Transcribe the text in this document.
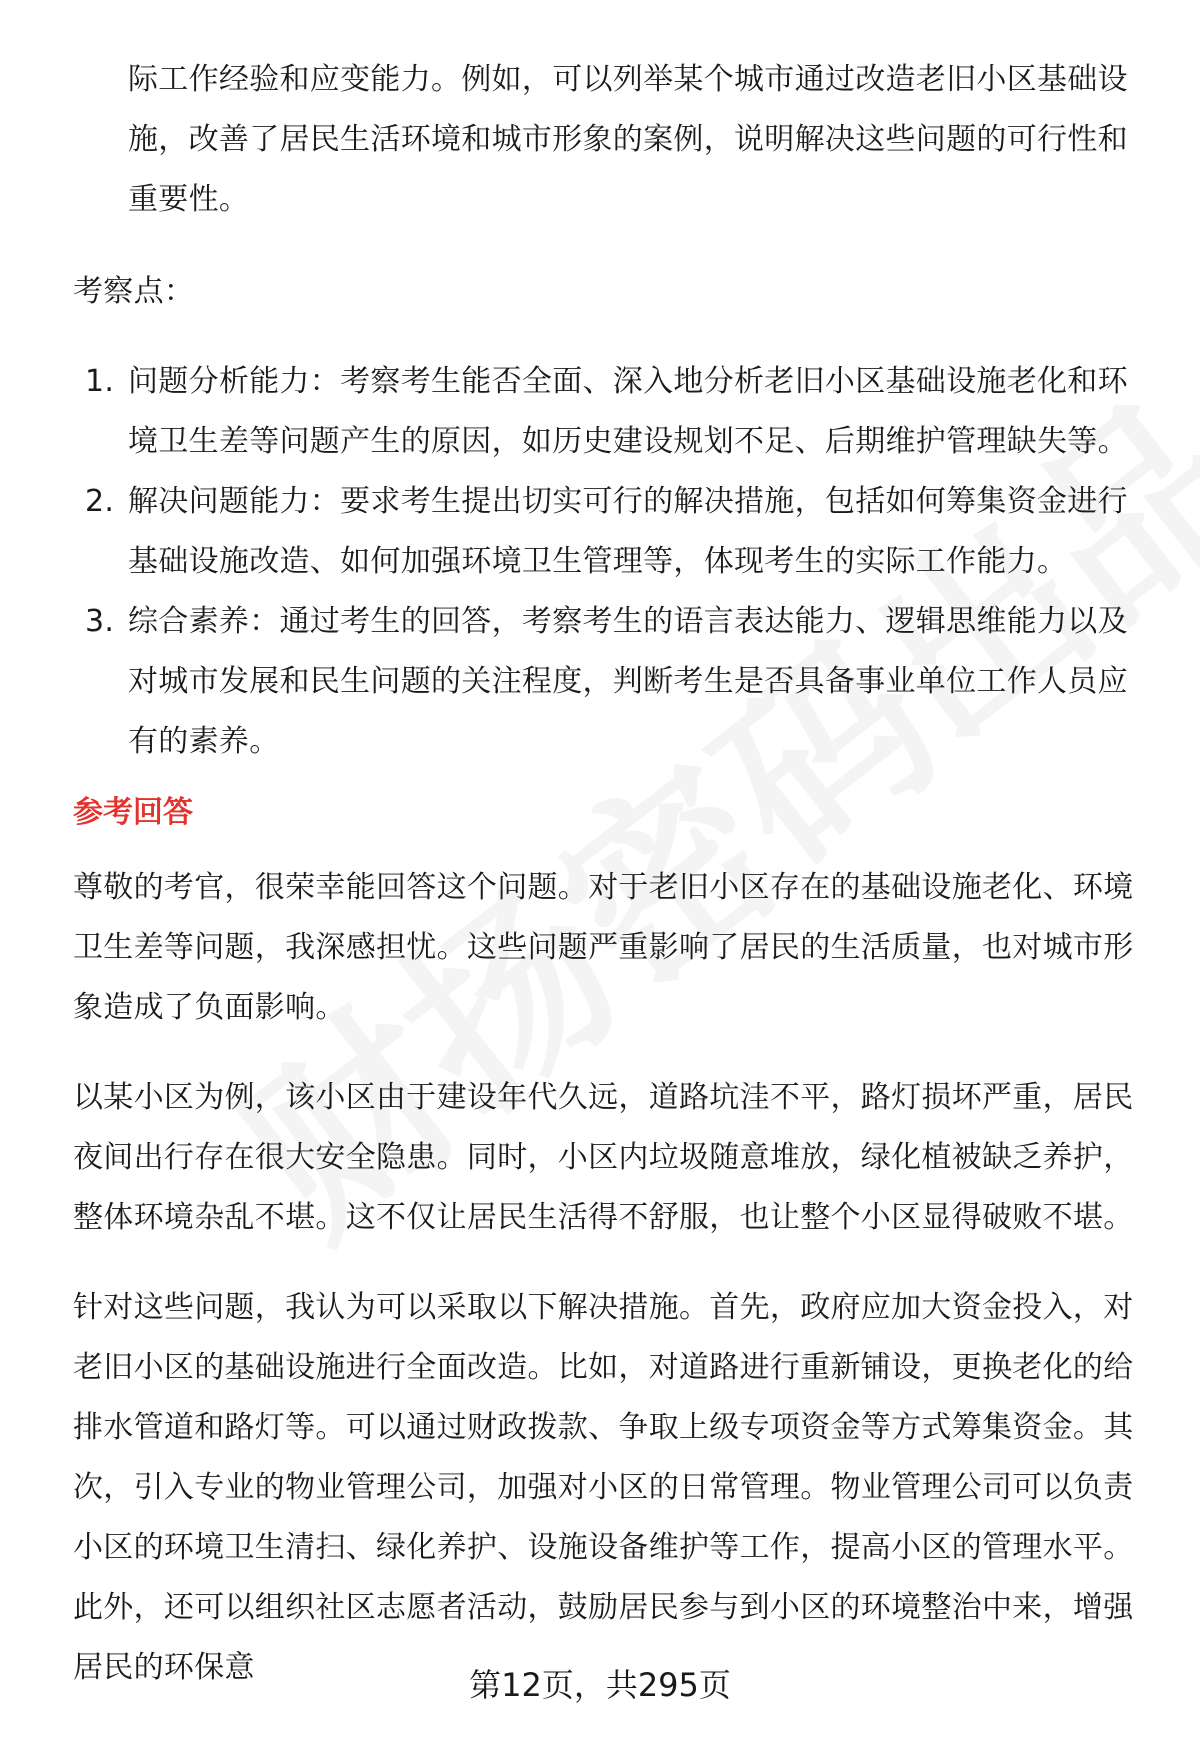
际工作经验和应变能力。例如，可以列举某个城市通过改造老旧小区基础设施，改善了居民生活环境和城市形象的案例，说明解决这些问题的可行性和重要性。

考察点：

1. 问题分析能力：考察考生能否全面、深入地分析老旧小区基础设施老化和环境卫生差等问题产生的原因，如历史建设规划不足、后期维护管理缺失等。
2. 解决问题能力：要求考生提出切实可行的解决措施，包括如何筹集资金进行基础设施改造、如何加强环境卫生管理等，体现考生的实际工作能力。
3. 综合素养：通过考生的回答，考察考生的语言表达能力、逻辑思维能力以及对城市发展和民生问题的关注程度，判断考生是否具备事业单位工作人员应有的素养。
参考回答

尊敬的考官，很荣幸能回答这个问题。对于老旧小区存在的基础设施老化、环境卫生差等问题，我深感担忧。这些问题严重影响了居民的生活质量，也对城市形象造成了负面影响。

以某小区为例，该小区由于建设年代久远，道路坑洼不平，路灯损坏严重，居民夜间出行存在很大安全隐患。同时，小区内垃圾随意堆放，绿化植被缺乏养护，整体环境杂乱不堪。这不仅让居民生活得不舒服，也让整个小区显得破败不堪。

针对这些问题，我认为可以采取以下解决措施。首先，政府应加大资金投入，对老旧小区的基础设施进行全面改造。比如，对道路进行重新铺设，更换老化的给排水管道和路灯等。可以通过财政拨款、争取上级专项资金等方式筹集资金。其次，引入专业的物业管理公司，加强对小区的日常管理。物业管理公司可以负责小区的环境卫生清扫、绿化养护、设施设备维护等工作，提高小区的管理水平。此外，还可以组织社区志愿者活动，鼓励居民参与到小区的环境整治中来，增强居民的环保意	第12页，共295页
